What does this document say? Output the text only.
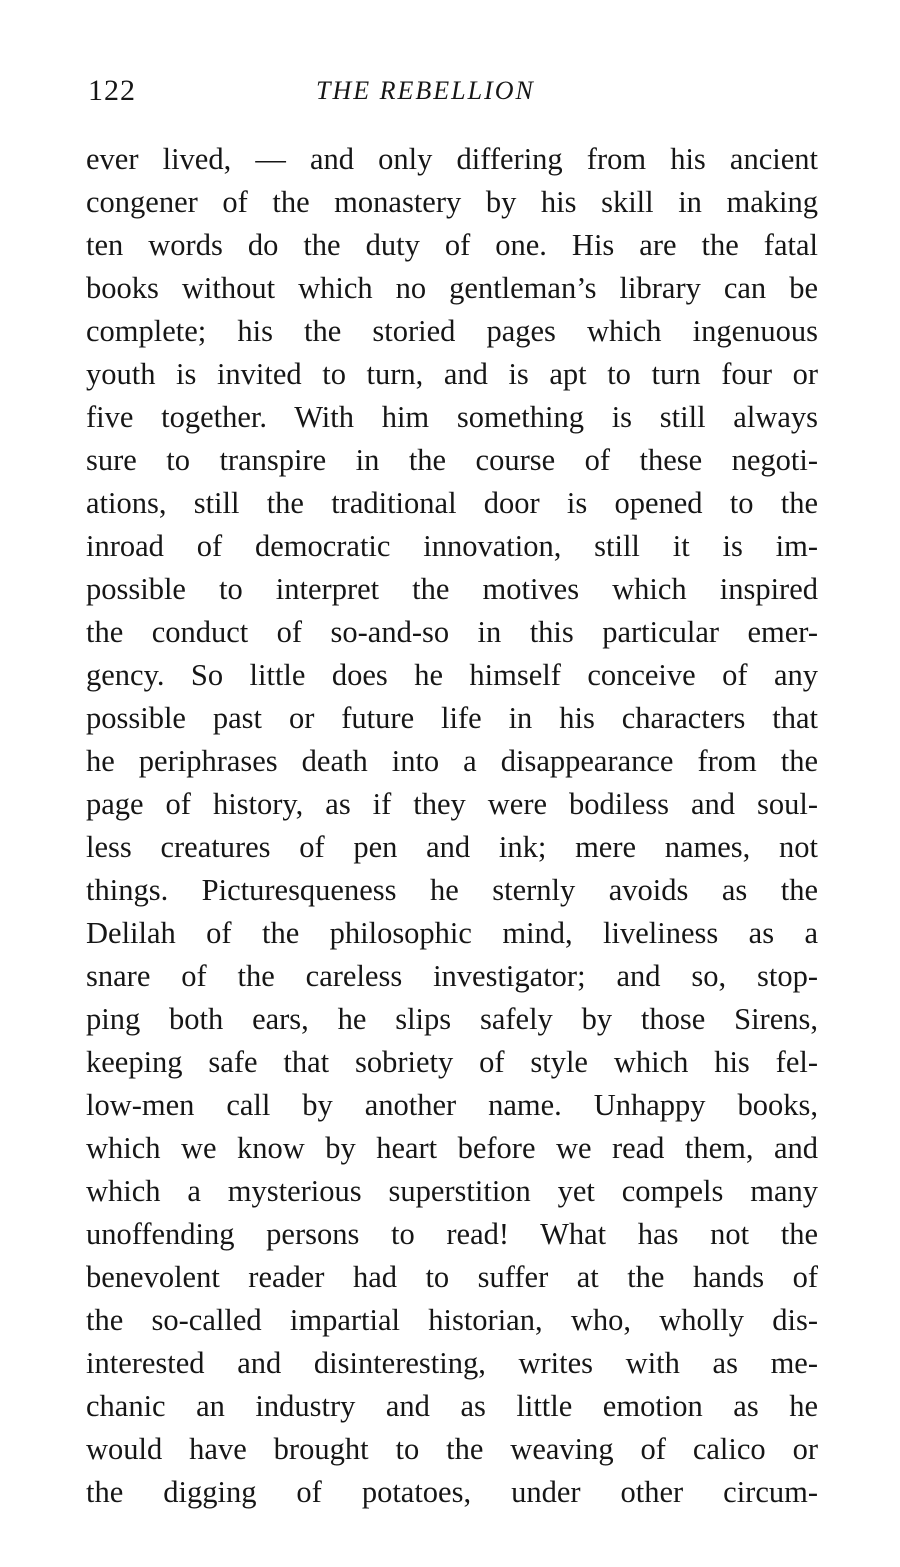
122	THE REBELLION
ever lived, — and only differing from his ancient
congener of the monastery by his skill in making
ten words do the duty of one. His are the fatal
books without which no gentleman’s library can be
complete; his the storied pages which ingenuous
youth is invited to turn, and is apt to turn four or
five together. With him something is still always
sure to transpire in the course of these negoti-
ations, still the traditional door is opened to the
inroad of democratic innovation, still it is im-
possible to interpret the motives which inspired
the conduct of so-and-so in this particular emer-
gency. So little does he himself conceive of any
possible past or future life in his characters that
he periphrases death into a disappearance from the
page of history, as if they were bodiless and soul-
less creatures of pen and ink; mere names, not
things. Picturesqueness he sternly avoids as the
Delilah of the philosophic mind, liveliness as a
snare of the careless investigator; and so, stop-
ping both ears, he slips safely by those Sirens,
keeping safe that sobriety of style which his fel-
low-men call by another name. Unhappy books,
which we know by heart before we read them, and
which a mysterious superstition yet compels many
unoffending persons to read! What has not the
benevolent reader had to suffer at the hands of
the so-called impartial historian, who, wholly dis-
interested and disinteresting, writes with as me-
chanic an industry and as little emotion as he
would have brought to the weaving of calico or
the digging of potatoes, under other circum-
